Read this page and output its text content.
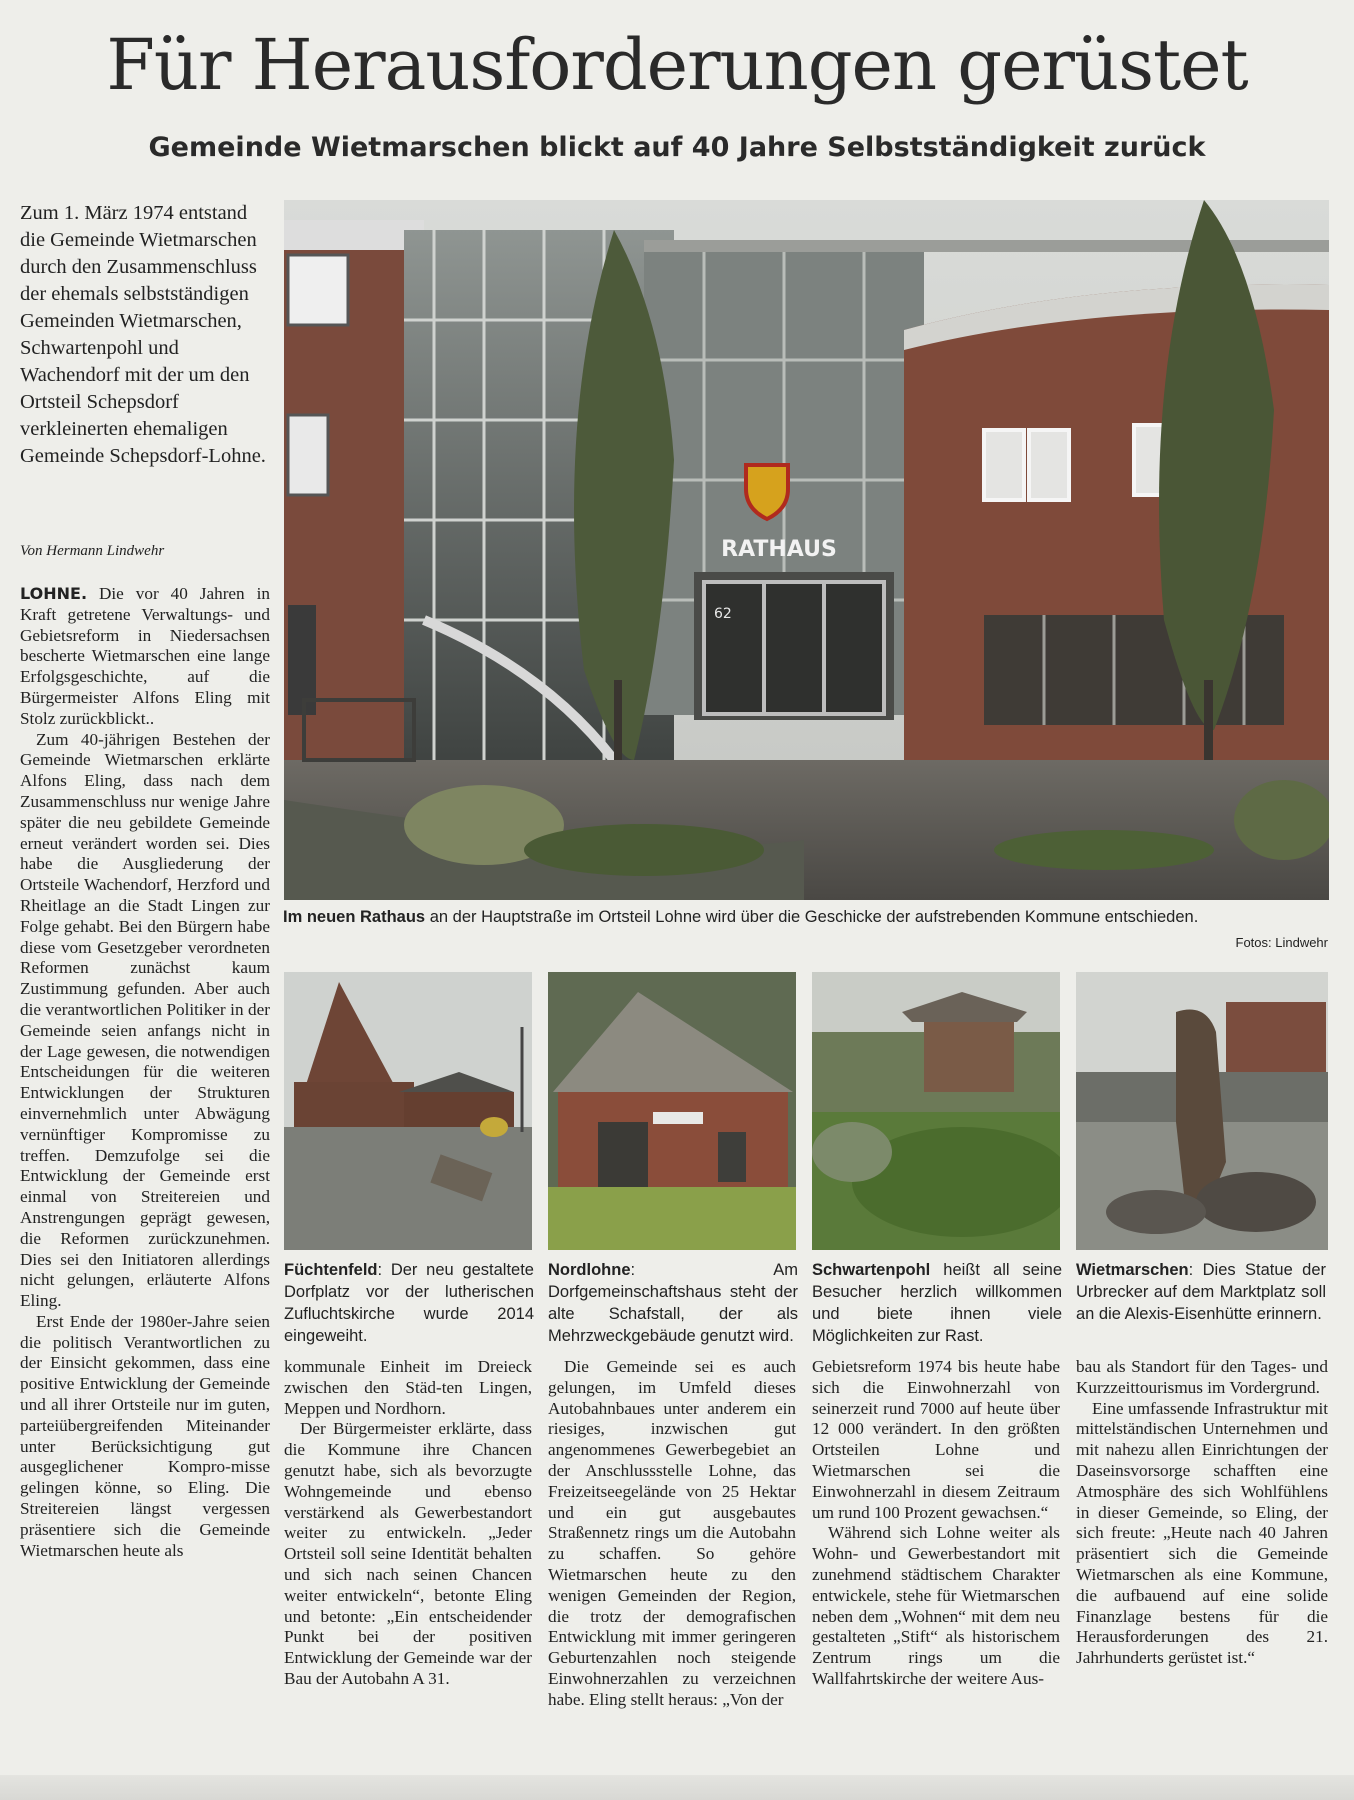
Für Herausforderungen gerüstet
Gemeinde Wietmarschen blickt auf 40 Jahre Selbstständigkeit zurück
Zum 1. März 1974 entstand die Gemeinde Wietmarschen durch den Zusammenschluss der ehemals selbstständigen Gemeinden Wietmarschen, Schwartenpohl und Wachendorf mit der um den Ortsteil Schepsdorf verkleinerten ehemaligen Gemeinde Schepsdorf-Lohne.
Von Hermann Lindwehr

LOHNE. Die vor 40 Jahren in Kraft getretene Verwaltungs- und Gebietsreform in Niedersachsen bescherte Wietmarschen eine lange Erfolgsgeschichte, auf die Bürgermeister Alfons Eling mit Stolz zurückblickt..

Zum 40-jährigen Bestehen der Gemeinde Wietmarschen erklärte Alfons Eling, dass nach dem Zusammenschluss nur wenige Jahre später die neu gebildete Gemeinde erneut verändert worden sei. Dies habe die Ausgliederung der Ortsteile Wachendorf, Herzford und Rheitlage an die Stadt Lingen zur Folge gehabt. Bei den Bürgern habe diese vom Gesetzgeber verordneten Reformen zunächst kaum Zustimmung gefunden. Aber auch die verantwortlichen Politiker in der Gemeinde seien anfangs nicht in der Lage gewesen, die notwendigen Entscheidungen für die weiteren Entwicklungen der Strukturen einvernehmlich unter Abwägung vernünftiger Kompromisse zu treffen. Demzufolge sei die Entwicklung der Gemeinde erst einmal von Streitereien und Anstrengungen geprägt gewesen, die Reformen zurückzunehmen. Dies sei den Initiatoren allerdings nicht gelungen, erläuterte Alfons Eling.

Erst Ende der 1980er-Jahre seien die politisch Verantwortlichen zu der Einsicht gekommen, dass eine positive Entwicklung der Gemeinde und all ihrer Ortsteile nur im guten, parteiübergreifenden Miteinander unter Berücksichtigung gut ausgeglichener Kompro-misse gelingen könne, so Eling. Die Streitereien längst vergessen präsentiere sich die Gemeinde Wietmarschen heute als

RATHAUS
62
Im neuen Rathaus an der Hauptstraße im Ortsteil Lohne wird über die Geschicke der aufstrebenden Kommune entschieden.
Fotos: Lindwehr
Füchtenfeld: Der neu gestaltete Dorfplatz vor der lutherischen Zufluchtskirche wurde 2014 eingeweiht.
Nordlohne: Am Dorfgemeinschaftshaus steht der alte Schafstall, der als Mehrzweckgebäude genutzt wird.
Schwartenpohl heißt all seine Besucher herzlich willkommen und biete ihnen viele Möglichkeiten zur Rast.
Wietmarschen: Dies Statue der Urbrecker auf dem Marktplatz soll an die Alexis-Eisenhütte erinnern.

kommunale Einheit im Dreieck zwischen den Städ-ten Lingen, Meppen und Nordhorn.

Der Bürgermeister erklärte, dass die Kommune ihre Chancen genutzt habe, sich als bevorzugte Wohngemeinde und ebenso verstärkend als Gewerbestandort weiter zu entwickeln. „Jeder Ortsteil soll seine Identität behalten und sich nach seinen Chancen weiter entwickeln“, betonte Eling und betonte: „Ein entscheidender Punkt bei der positiven Entwicklung der Gemeinde war der Bau der Autobahn A 31.

Die Gemeinde sei es auch gelungen, im Umfeld dieses Autobahnbaues unter anderem ein riesiges, inzwischen gut angenommenes Gewerbegebiet an der Anschlussstelle Lohne, das Freizeitseegelände von 25 Hektar und ein gut ausgebautes Straßennetz rings um die Autobahn zu schaffen. So gehöre Wietmarschen heute zu den wenigen Gemeinden der Region, die trotz der demografischen Entwicklung mit immer geringeren Geburtenzahlen noch steigende Einwohnerzahlen zu verzeichnen habe. Eling stellt heraus: „Von der

Gebietsreform 1974 bis heute habe sich die Einwohnerzahl von seinerzeit rund 7000 auf heute über 12 000 verändert. In den größten Ortsteilen Lohne und Wietmarschen sei die Einwohnerzahl in diesem Zeitraum um rund 100 Prozent gewachsen.“

Während sich Lohne weiter als Wohn- und Gewerbestandort mit zunehmend städtischem Charakter entwickele, stehe für Wietmarschen neben dem „Wohnen“ mit dem neu gestalteten „Stift“ als historischem Zentrum rings um die Wallfahrtskirche der weitere Aus-

bau als Standort für den Tages- und Kurzzeittourismus im Vordergrund.

Eine umfassende Infrastruktur mit mittelständischen Unternehmen und mit nahezu allen Einrichtungen der Daseinsvorsorge schafften eine Atmosphäre des sich Wohlfühlens in dieser Gemeinde, so Eling, der sich freute: „Heute nach 40 Jahren präsentiert sich die Gemeinde Wietmarschen als eine Kommune, die aufbauend auf eine solide Finanzlage bestens für die Herausforderungen des 21. Jahrhunderts gerüstet ist.“
